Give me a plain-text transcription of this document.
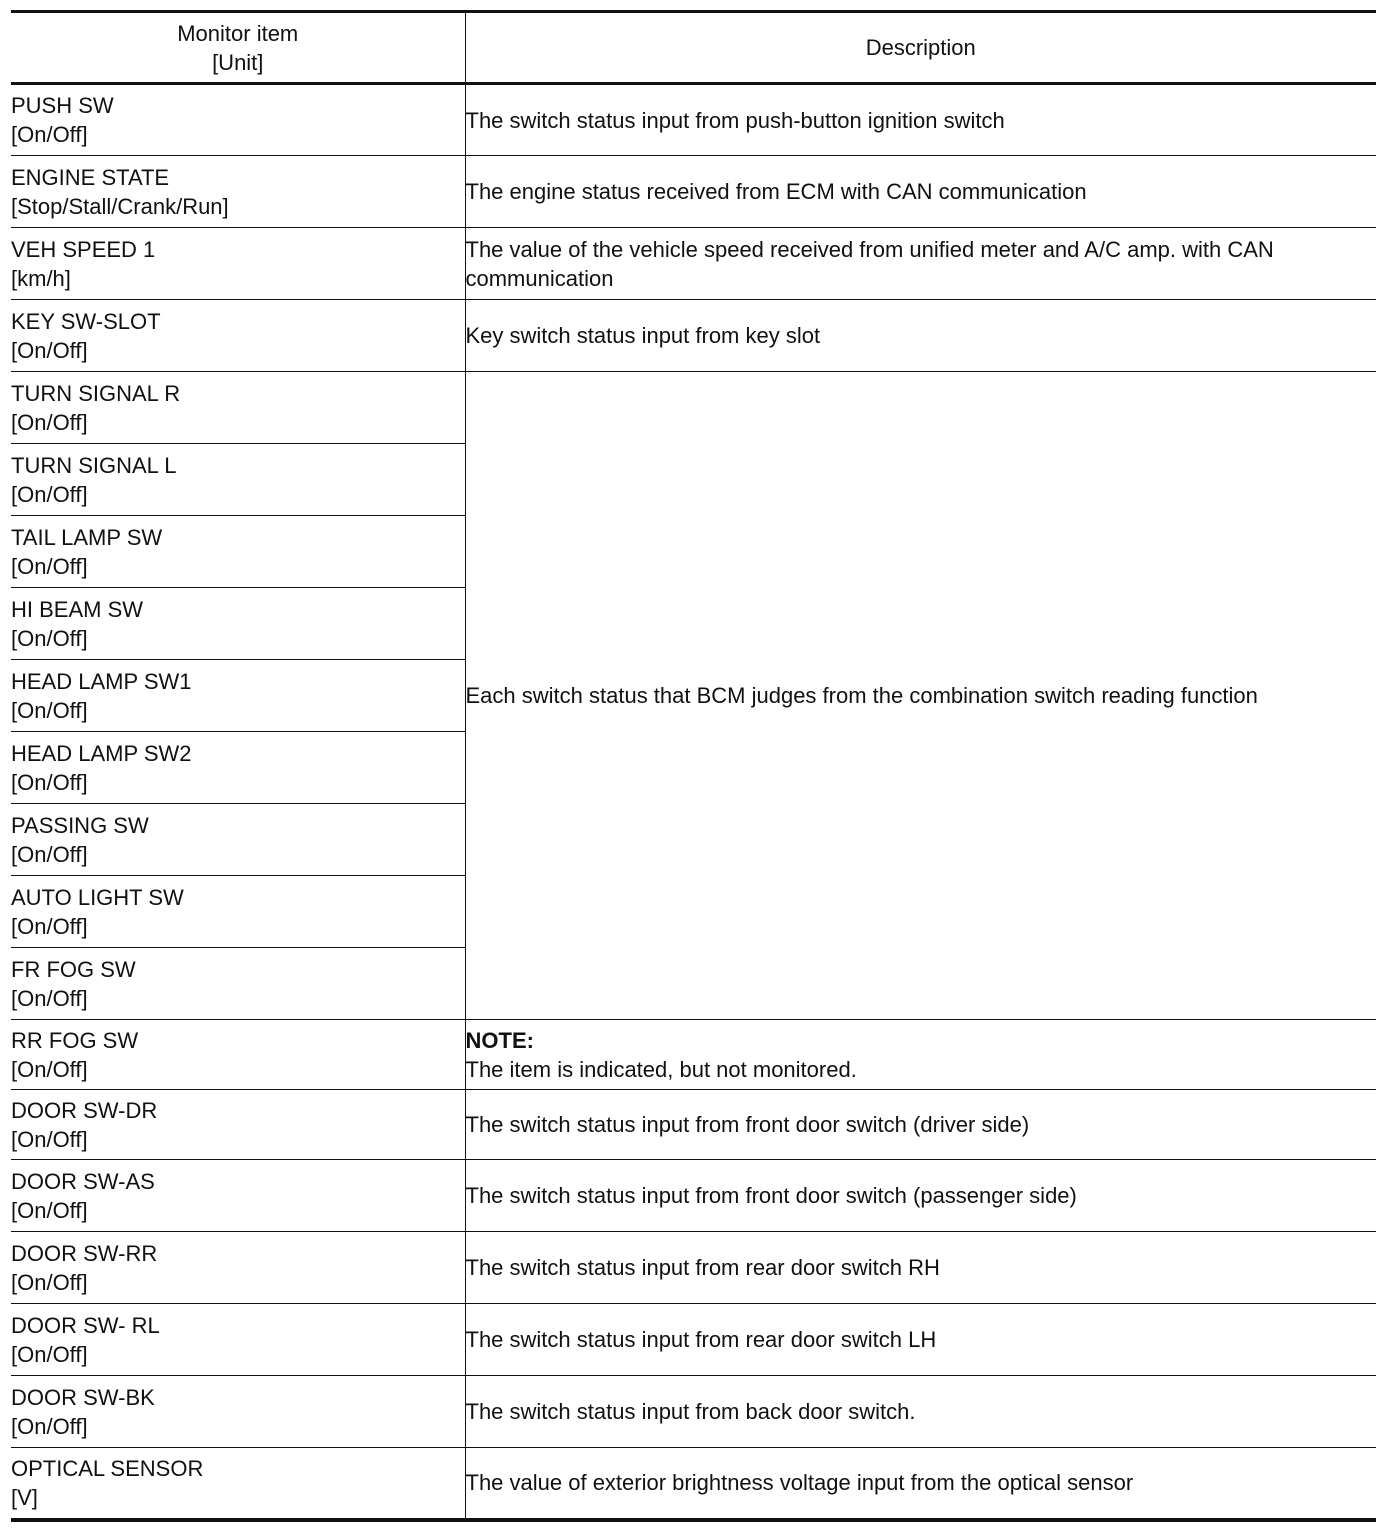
Monitor item
[Unit]	Description

PUSH SW
[On/Off]	The switch status input from push-button ignition switch

ENGINE STATE
[Stop/Stall/Crank/Run]	The engine status received from ECM with CAN communication

VEH SPEED 1
[km/h]	The value of the vehicle speed received from unified meter and A/C amp. with CAN communication

KEY SW-SLOT
[On/Off]	Key switch status input from key slot

TURN SIGNAL R
[On/Off]	Each switch status that BCM judges from the combination switch reading function

TURN SIGNAL L
[On/Off]	

TAIL LAMP SW
[On/Off]	

HI BEAM SW
[On/Off]	

HEAD LAMP SW1
[On/Off]	

HEAD LAMP SW2
[On/Off]	

PASSING SW
[On/Off]	

AUTO LIGHT SW
[On/Off]	

FR FOG SW
[On/Off]	

RR FOG SW
[On/Off]	NOTE:
The item is indicated, but not monitored.

DOOR SW-DR
[On/Off]	The switch status input from front door switch (driver side)

DOOR SW-AS
[On/Off]	The switch status input from front door switch (passenger side)

DOOR SW-RR
[On/Off]	The switch status input from rear door switch RH

DOOR SW- RL
[On/Off]	The switch status input from rear door switch LH

DOOR SW-BK
[On/Off]	The switch status input from back door switch.

OPTICAL SENSOR
[V]	The value of exterior brightness voltage input from the optical sensor
